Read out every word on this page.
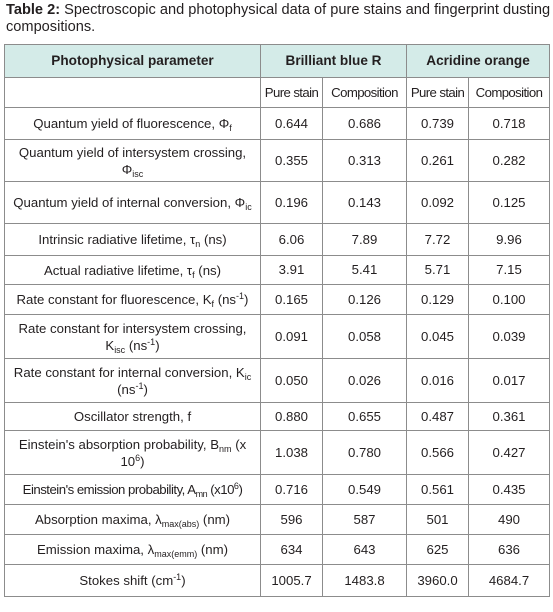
Table 2: Spectroscopic and photophysical data of pure stains and fingerprint dusting compositions.
Photophysical parameter	Brilliant blue R		Acridine orange	
	Pure stain	Composition	Pure stain	Composition
Quantum yield of fluorescence, $\Phi_f$	0.644	0.686	0.739	0.718
Quantum yield of intersystem crossing, $\Phi_{isc}$	0.355	0.313	0.261	0.282
Quantum yield of internal conversion, $\Phi_{ic}$	0.196	0.143	0.092	0.125
Intrinsic radiative lifetime, $\tau_n$ (ns)	6.06	7.89	7.72	9.96
Actual radiative lifetime, $\tau_f$ (ns)	3.91	5.41	5.71	7.15
Rate constant for fluorescence, $K_f$ $(ns^{-1})$	0.165	0.126	0.129	0.100
Rate constant for intersystem crossing, $K_{isc}$ $(ns^{-1})$	0.091	0.058	0.045	0.039
Rate constant for internal conversion, $K_{ic}$ $(ns^{-1})$	0.050	0.026	0.016	0.017
Oscillator strength, f	0.880	0.655	0.487	0.361
Einstein's absorption probability, $B_{nm}$ (x $10^6$)	1.038	0.780	0.566	0.427
Einstein's emission probability, $A_{mn}$ $(x10^6)$	0.716	0.549	0.561	0.435
Absorption maxima, $\lambda_{max(abs)}$ (nm)	596	587	501	490
Emission maxima, $\lambda_{max(emm)}$ (nm)	634	643	625	636
Stokes shift $(cm^{-1})$	1005.7	1483.8	3960.0	4684.7
